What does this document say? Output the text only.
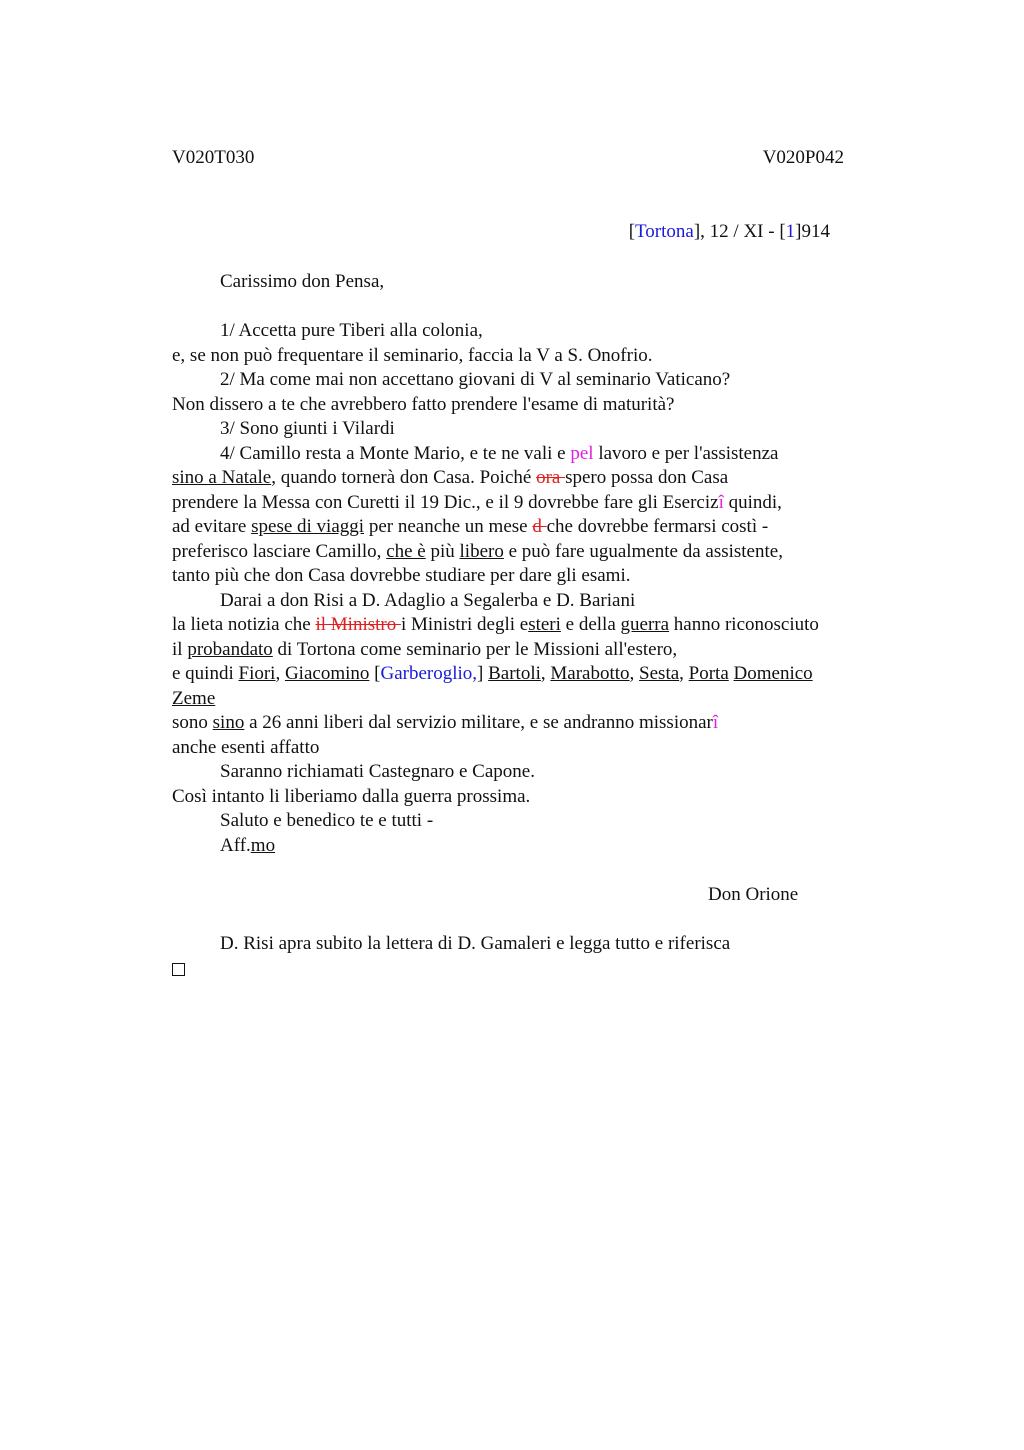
V020T030	V020P042
[Tortona], 12 / XI - [1]914
Carissimo don Pensa,
1/ Accetta pure Tiberi alla colonia,
e, se non può frequentare il seminario, faccia la V a S. Onofrio.
2/ Ma come mai non accettano giovani di V al seminario Vaticano?
Non dissero a te che avrebbero fatto prendere l'esame di maturità?
3/ Sono giunti i Vilardi
4/ Camillo resta a Monte Mario, e te ne vali e pel lavoro e per l'assistenza
sino a Natale, quando tornerà don Casa. Poiché ora spero possa don Casa
prendere la Messa con Curetti il 19 Dic., e il 9 dovrebbe fare gli Esercizî quindi,
ad evitare spese di viaggi per neanche un mese d che dovrebbe fermarsi costì -
preferisco lasciare Camillo, che è più libero e può fare ugualmente da assistente,
tanto più che don Casa dovrebbe studiare per dare gli esami.
Darai a don Risi a D. Adaglio a Segalerba e D. Bariani
la lieta notizia che il Ministro i Ministri degli esteri e della guerra hanno riconosciuto
il probandato di Tortona come seminario per le Missioni all'estero,
e quindi Fiori, Giacomino [Garberoglio,] Bartoli, Marabotto, Sesta, Porta Domenico
Zeme
sono sino a 26 anni liberi dal servizio militare, e se andranno missionarî
anche esenti affatto
Saranno richiamati Castegnaro e Capone.
Così intanto li liberiamo dalla guerra prossima.
Saluto e benedico te e tutti -
Aff.mo
Don Orione
D. Risi apra subito la lettera di D. Gamaleri e legga tutto e riferisca
